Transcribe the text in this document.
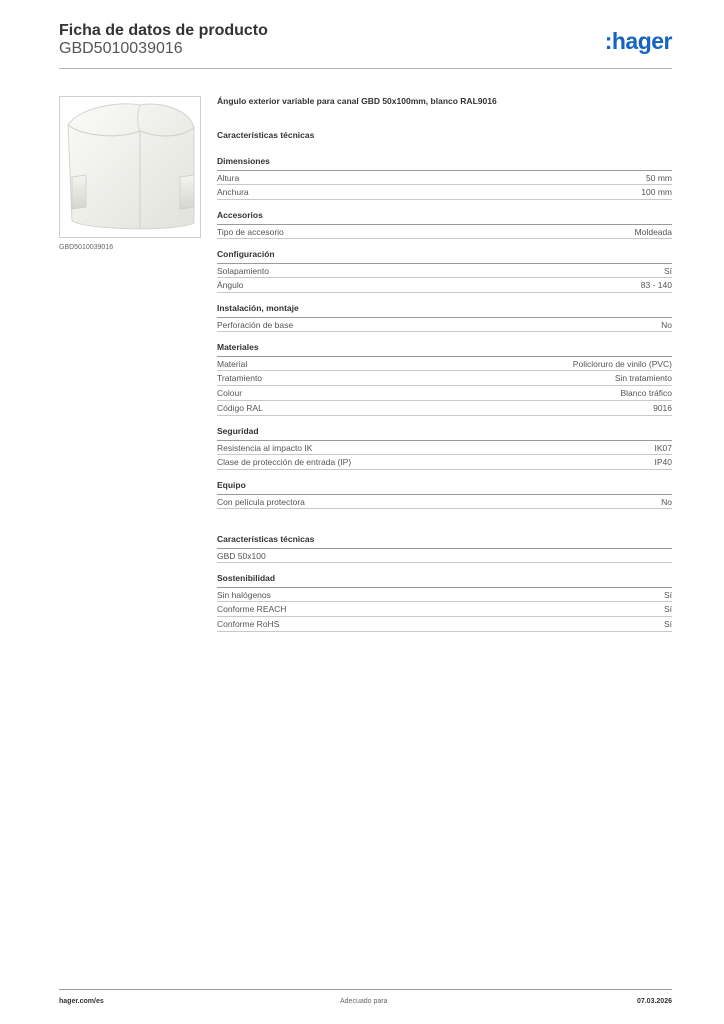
Ficha de datos de producto
GBD5010039016	:hager
GBD5010039016
Ángulo exterior variable para canal GBD 50x100mm, blanco RAL9016
Características técnicas
Dimensiones
Altura	50 mm
Anchura	100 mm
Accesorios
Tipo de accesorio	Moldeada
Configuración
Solapamiento	Sí
Ángulo	83 - 140
Instalación, montaje
Perforación de base	No
Materiales
Material	Policloruro de vinilo (PVC)
Tratamiento	Sin tratamiento
Colour	Blanco tráfico
Código RAL	9016
Seguridad
Resistencia al impacto IK	IK07
Clase de protección de entrada (IP)	IP40
Equipo
Con película protectora	No
Características técnicas
GBD 50x100
Sostenibilidad
Sin halógenos	Sí
Conforme REACH	Sí
Conforme RoHS	Sí
hager.com/es	Adecuado para	07.03.2026
